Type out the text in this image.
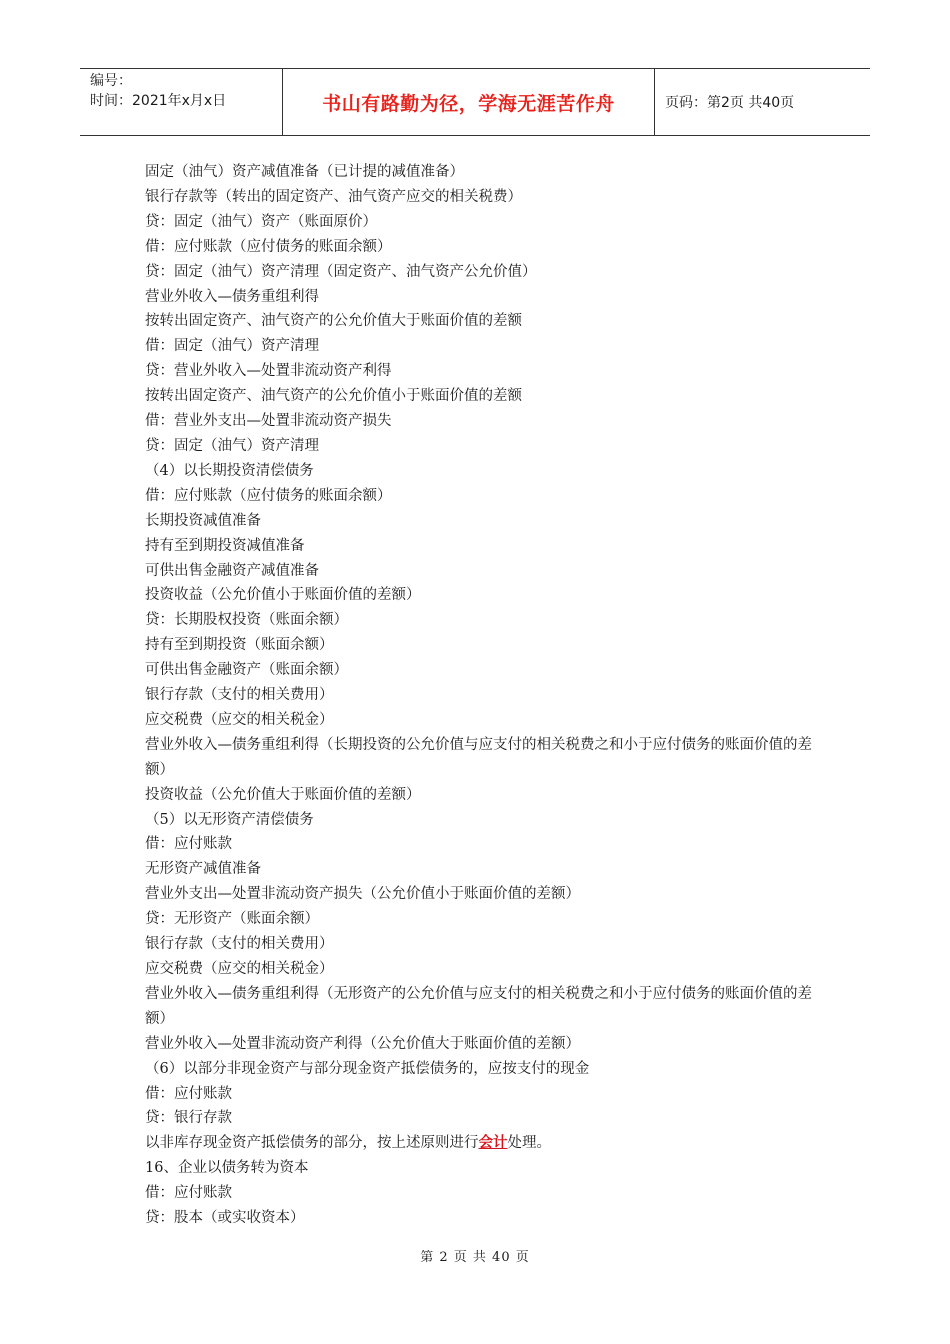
编号：
时间：2021年x月x日	书山有路勤为径，学海无涯苦作舟	页码：第2页 共40页
固定（油气）资产减值准备（已计提的减值准备）
银行存款等（转出的固定资产、油气资产应交的相关税费）
贷：固定（油气）资产（账面原价）
借：应付账款（应付债务的账面余额）
贷：固定（油气）资产清理（固定资产、油气资产公允价值）
营业外收入—债务重组利得
按转出固定资产、油气资产的公允价值大于账面价值的差额
借：固定（油气）资产清理
贷：营业外收入—处置非流动资产利得
按转出固定资产、油气资产的公允价值小于账面价值的差额
借：营业外支出—处置非流动资产损失
贷：固定（油气）资产清理
（4）以长期投资清偿债务
借：应付账款（应付债务的账面余额）
长期投资减值准备
持有至到期投资减值准备
可供出售金融资产减值准备
投资收益（公允价值小于账面价值的差额）
贷：长期股权投资（账面余额）
持有至到期投资（账面余额）
可供出售金融资产（账面余额）
银行存款（支付的相关费用）
应交税费（应交的相关税金）
营业外收入—债务重组利得（长期投资的公允价值与应支付的相关税费之和小于应付债务的账面价值的差额）
投资收益（公允价值大于账面价值的差额）
（5）以无形资产清偿债务
借：应付账款
无形资产减值准备
营业外支出—处置非流动资产损失（公允价值小于账面价值的差额）
贷：无形资产（账面余额）
银行存款（支付的相关费用）
应交税费（应交的相关税金）
营业外收入—债务重组利得（无形资产的公允价值与应支付的相关税费之和小于应付债务的账面价值的差额）
营业外收入—处置非流动资产利得（公允价值大于账面价值的差额）
（6）以部分非现金资产与部分现金资产抵偿债务的，应按支付的现金
借：应付账款
贷：银行存款
以非库存现金资产抵偿债务的部分，按上述原则进行会计处理。
16、企业以债务转为资本
借：应付账款
贷：股本（或实收资本）
第 2 页 共 40 页
